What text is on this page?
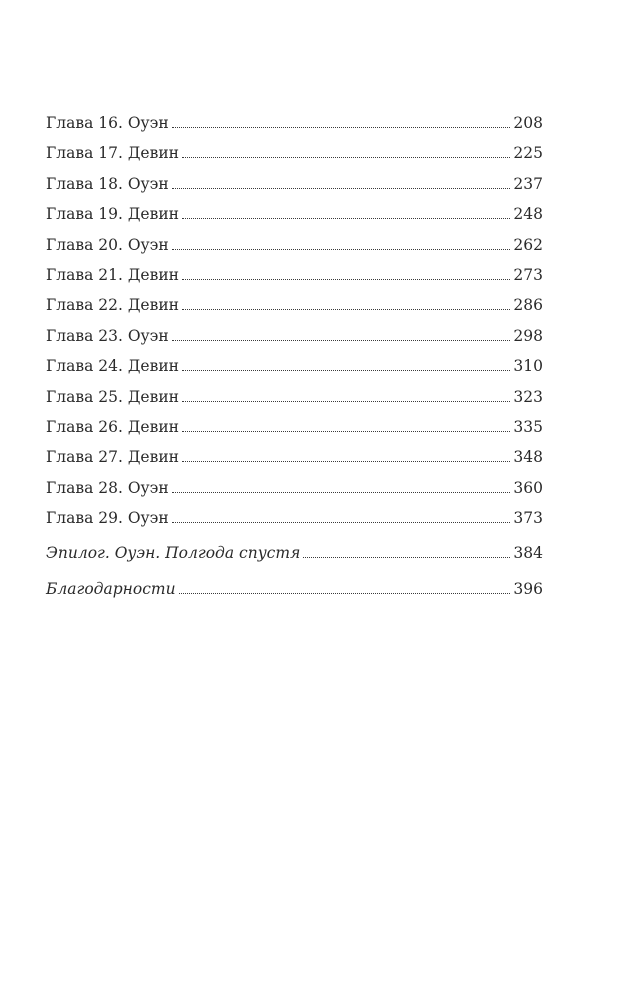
Глава 16. Оуэн	208
Глава 17. Девин	225
Глава 18. Оуэн	237
Глава 19. Девин	248
Глава 20. Оуэн	262
Глава 21. Девин	273
Глава 22. Девин	286
Глава 23. Оуэн	298
Глава 24. Девин	310
Глава 25. Девин	323
Глава 26. Девин	335
Глава 27. Девин	348
Глава 28. Оуэн	360
Глава 29. Оуэн	373
Эпилог. Оуэн. Полгода спустя	384
Благодарности	396
